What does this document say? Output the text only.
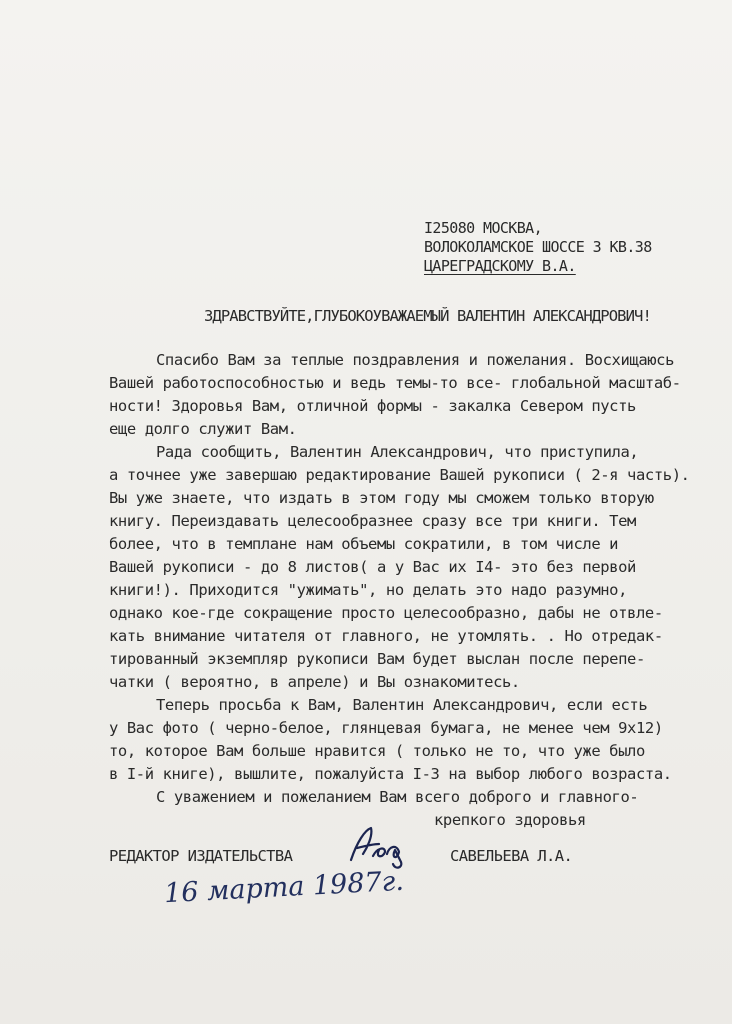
I25080 МОСКВА,
ВОЛОКОЛАМСКОЕ ШОССЕ 3 КВ.38
ЦАРЕГРАДСКОМУ В.А.
ЗДРАВСТВУЙТЕ,ГЛУБОКОУВАЖАЕМЫЙ ВАЛЕНТИН АЛЕКСАНДРОВИЧ!
Спасибо Вам за теплые поздравления и пожелания. Восхищаюсь
Вашей работоспособностью и ведь темы-то все- глобальной масштаб-
ности! Здоровья Вам, отличной формы - закалка Севером пусть
еще долго служит Вам.
Рада сообщить, Валентин Александрович, что приступила,
а точнее уже завершаю редактирование Вашей рукописи ( 2-я часть).
Вы уже знаете, что издать в этом году мы сможем только вторую
книгу. Переиздавать целесообразнее сразу все три книги. Тем
более, что в темплане нам объемы сократили, в том числе и
Вашей рукописи - до 8 листов( а у Вас их I4- это без первой
книги!). Приходится "ужимать", но делать это надо разумно,
однако кое-где сокращение просто целесообразно, дабы не отвле-
кать внимание читателя от главного, не утомлять. . Но отредак-
тированный экземпляр рукописи Вам будет выслан после перепе-
чатки ( вероятно, в апреле) и Вы ознакомитесь.
Теперь просьба к Вам, Валентин Александрович, если есть
у Вас фото ( черно-белое, глянцевая бумага, не менее чем 9х12)
то, которое Вам больше нравится ( только не то, что уже было
в I-й книге), вышлите, пожалуйста I-3 на выбор любого возраста.
С уважением и пожеланием Вам всего доброго и главного-
крепкого здоровья
РЕДАКТОР ИЗДАТЕЛЬСТВА	САВЕЛЬЕВА Л.А.
16 марта 1987г.
